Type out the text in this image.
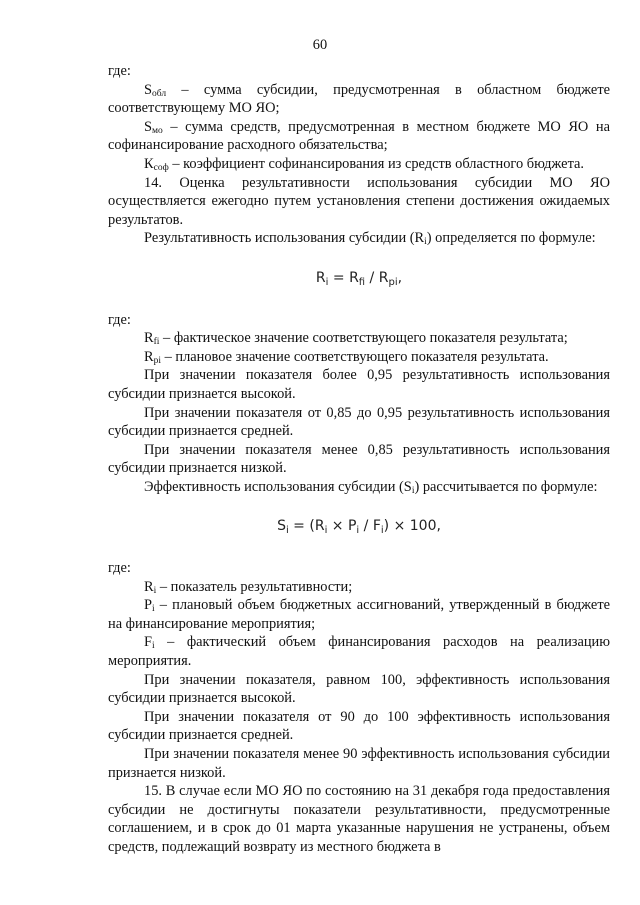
60

где:

$S_{обл}$ – сумма субсидии, предусмотренная в областном бюджете соответствующему МО ЯО;

$S_{мо}$ – сумма средств, предусмотренная в местном бюджете МО ЯО на софинансирование расходного обязательства;

$К_{соф}$ – коэффициент софинансирования из средств областного бюджета.

14. Оценка результативности использования субсидии МО ЯО осуществляется ежегодно путем установления степени достижения ожидаемых результатов.

Результативность использования субсидии $(R_i)$ определяется по формуле:

$R_i = R_{fi} / R_{pi}$,

где:

$R_{fi}$ – фактическое значение соответствующего показателя результата;

$R_{pi}$ – плановое значение соответствующего показателя результата.

При значении показателя более 0,95 результативность использования субсидии признается высокой.

При значении показателя от 0,85 до 0,95 результативность использования субсидии признается средней.

При значении показателя менее 0,85 результативность использования субсидии признается низкой.

Эффективность использования субсидии $(S_i)$ рассчитывается по формуле:

$S_i = (R_i \times P_i / F_i) \times 100$,

где:

$R_i$ – показатель результативности;

$P_i$ – плановый объем бюджетных ассигнований, утвержденный в бюджете на финансирование мероприятия;

$F_i$ – фактический объем финансирования расходов на реализацию мероприятия.

При значении показателя, равном 100, эффективность использования субсидии признается высокой.

При значении показателя от 90 до 100 эффективность использования субсидии признается средней.

При значении показателя менее 90 эффективность использования субсидии признается низкой.

15. В случае если МО ЯО по состоянию на 31 декабря года предоставления субсидии не достигнуты показатели результативности, предусмотренные соглашением, и в срок до 01 марта указанные нарушения не устранены, объем средств, подлежащий возврату из местного бюджета в
